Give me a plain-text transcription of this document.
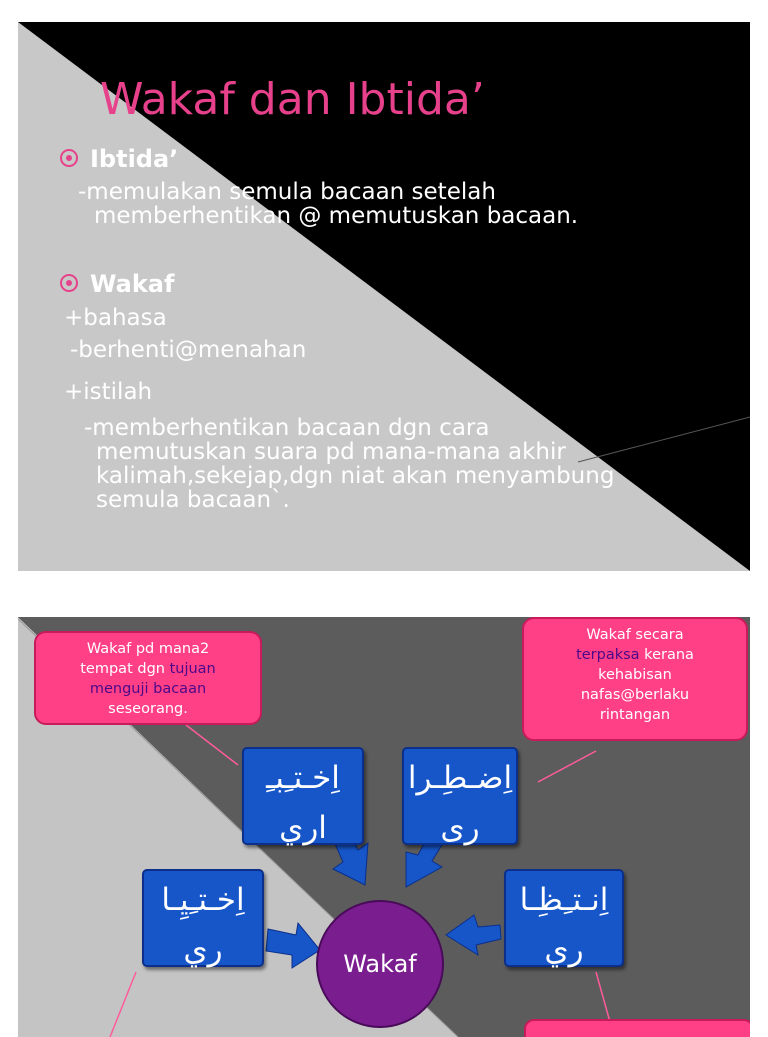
Wakaf dan Ibtida’
Ibtida’
-memulakan semula bacaan setelah
memberhentikan @ memutuskan bacaan.
Wakaf
+bahasa
-berhenti@menahan
+istilah
-memberhentikan bacaan dgn cara
memutuskan suara pd mana-mana akhir
kalimah,sekejap,dgn niat akan menyambung
semula bacaan`.
Wakaf pd mana2
tempat dgn tujuan
menguji bacaan
seseorang.
Wakaf secara
terpaksa kerana
kehabisan
nafas@berlaku
rintangan
اِخـتـِبـِ
اري
اِضـطِـرا
ری
اِخـتـِيِـا
ري
اِنـتـِظِـا
ري
Wakaf
